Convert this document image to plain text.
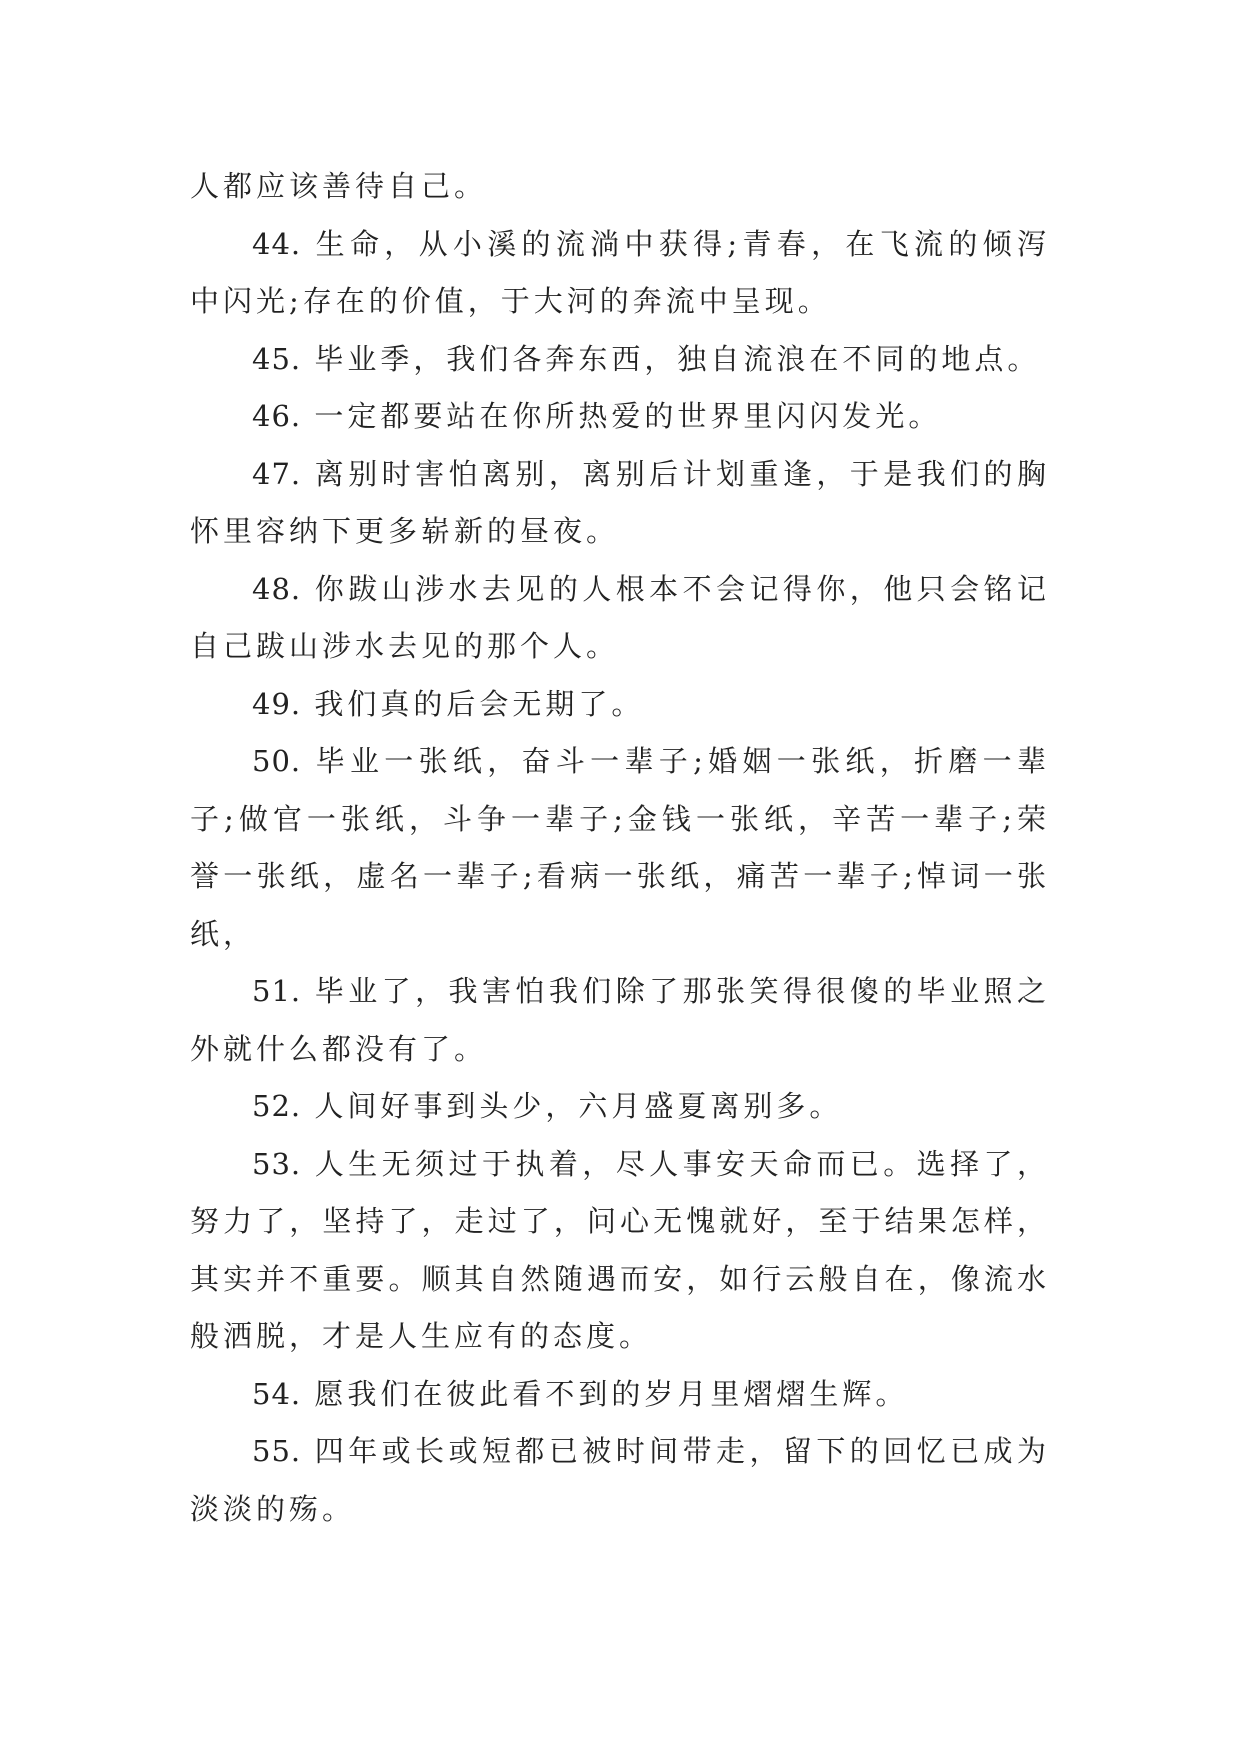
人都应该善待自己。

44. 生命，从小溪的流淌中获得;青春，在飞流的倾泻中闪光;存在的价值，于大河的奔流中呈现。

45. 毕业季，我们各奔东西，独自流浪在不同的地点。

46. 一定都要站在你所热爱的世界里闪闪发光。

47. 离别时害怕离别，离别后计划重逢，于是我们的胸怀里容纳下更多崭新的昼夜。

48. 你跋山涉水去见的人根本不会记得你，他只会铭记自己跋山涉水去见的那个人。

49. 我们真的后会无期了。

50. 毕业一张纸，奋斗一辈子;婚姻一张纸，折磨一辈子;做官一张纸，斗争一辈子;金钱一张纸，辛苦一辈子;荣誉一张纸，虚名一辈子;看病一张纸，痛苦一辈子;悼词一张纸，

51. 毕业了，我害怕我们除了那张笑得很傻的毕业照之外就什么都没有了。

52. 人间好事到头少，六月盛夏离别多。

53. 人生无须过于执着，尽人事安天命而已。选择了，努力了，坚持了，走过了，问心无愧就好，至于结果怎样，其实并不重要。顺其自然随遇而安，如行云般自在，像流水般洒脱，才是人生应有的态度。

54. 愿我们在彼此看不到的岁月里熠熠生辉。

55. 四年或长或短都已被时间带走，留下的回忆已成为淡淡的殇。
